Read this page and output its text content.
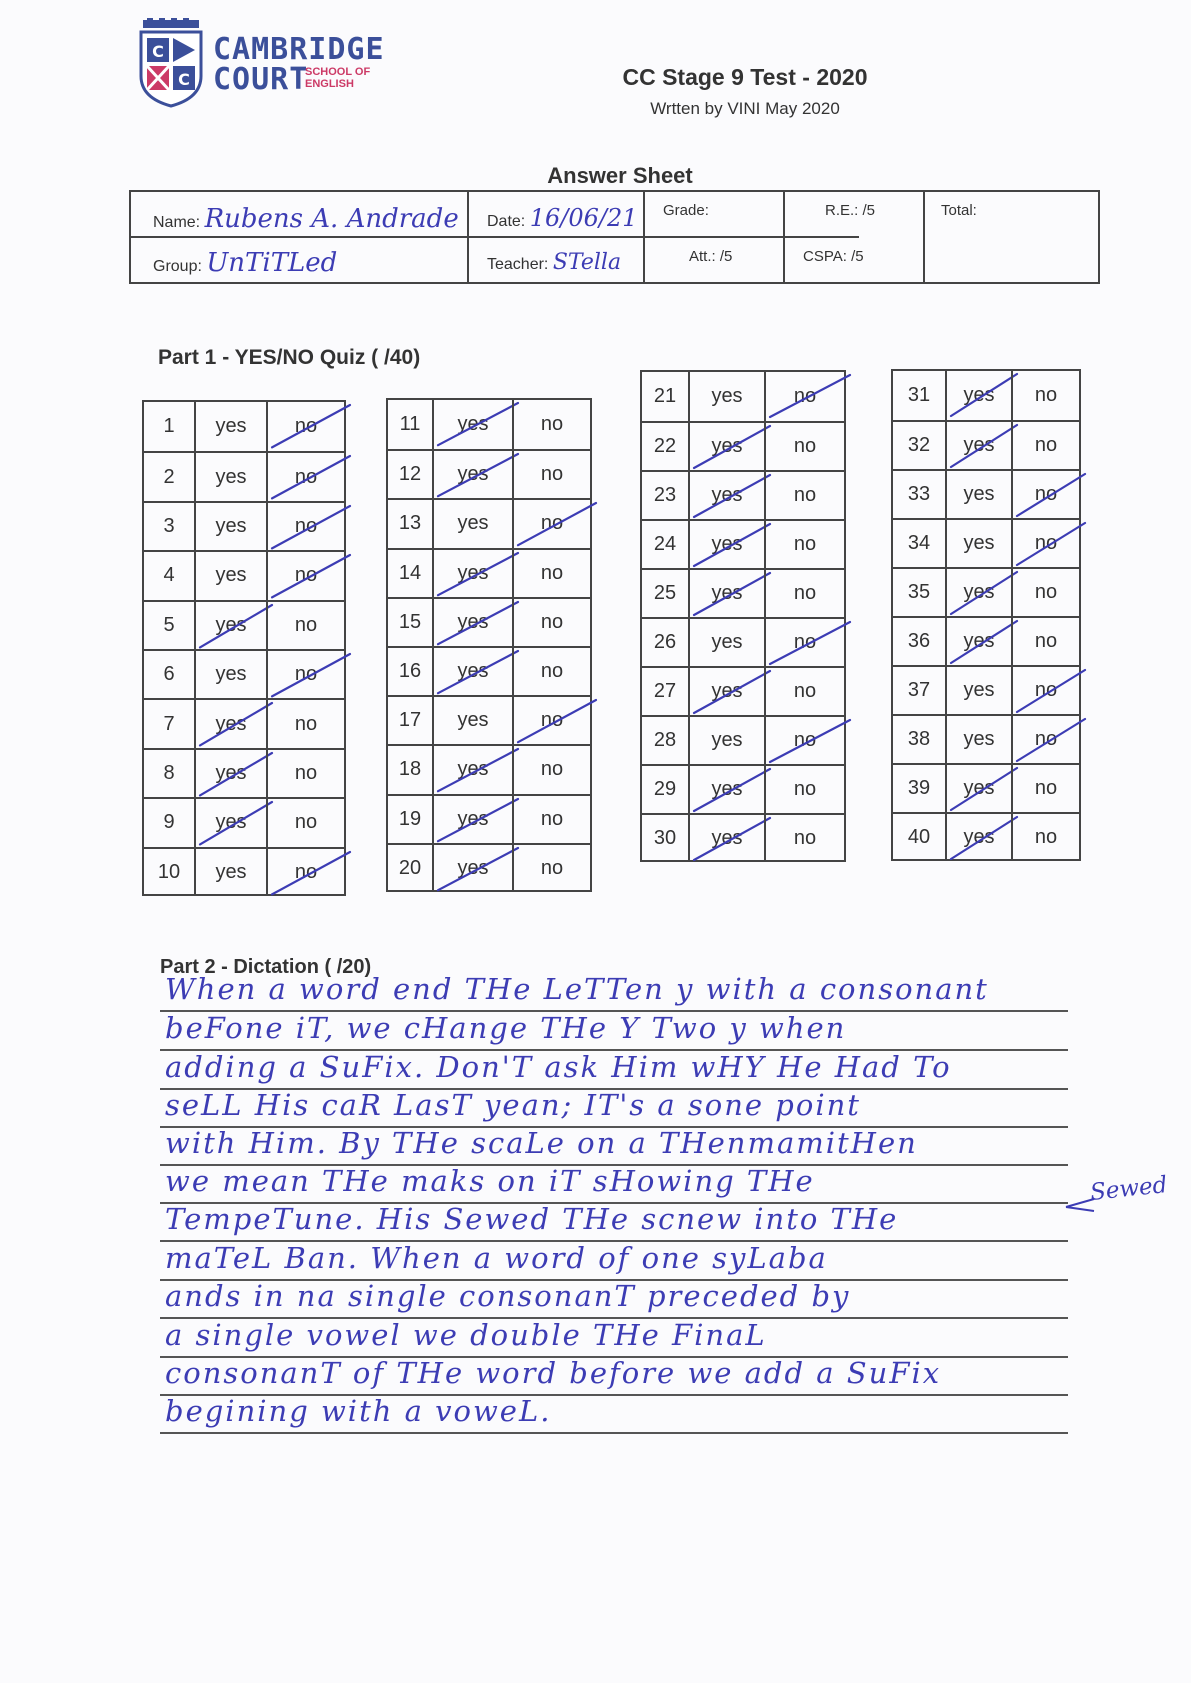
C
C
CAMBRIDGE
COURT
SCHOOL OF
ENGLISH	CC Stage 9 Test - 2020
Wrtten by VINI May 2020
Answer Sheet
Name: Rubens A. Andrade
Group: UnTiTLed
Date: 16/06/21
Teacher: STella
Grade:
Att.: /5
R.E.: /5
CSPA: /5
Total:
Part 1 - YES/NO Quiz ( /40)
1 yes no
2 yes no
3 yes no
4 yes no
5 yes no
6 yes no
7 yes no
8 yes no
9 yes no
10 yes no
11 yes	no
12 yes	no
13 yes	no
14 yes	no
15 yes	no
16 yes	no
17 yes	no
18 yes	no
19 yes	no
20 yes	no
21 yes	no
22 yes	no
23 yes	no
24 yes	no
25 yes	no
26 yes	no
27 yes	no
28 yes	no
29 yes	no
30 yes	no
31 yes no
32 yes no
33 yes no
34 yes no
35 yes no
36 yes no
37 yes no
38 yes no
39 yes no
40 yes no
Part 2 - Dictation ( /20)
When a word end THe LeTTen y with a consonant
beFone iT, we cHange THe Y Two y when
adding a SuFix. Don'T ask Him wHY He Had To
seLL His caR LasT yean; IT's a sone point
with Him. By THe scaLe on a THenmamitHen
we mean THe maks on iT sHowing THe
TempeTune. His Sewed THe scnew into THe
maTeL Ban. When a word of one syLaba
ands in na single consonanT preceded by
a single vowel we double THe FinaL
consonanT of THe word before we add a SuFix
begining with a voweL.
Sewed
